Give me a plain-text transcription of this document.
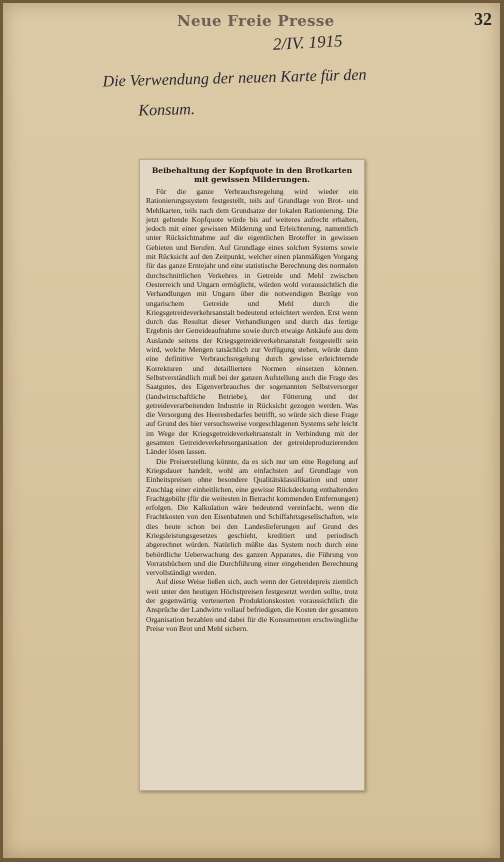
Neue Freie Presse	32
2/IV. 1915
Die Verwendung der neuen Karte für den
Konsum.

Beibehaltung der Kopfquote in den Brotkarten mit gewissen Milderungen.

Für die ganze Verbrauchsregelung wird wieder ein Rationierungssystem festgestellt, teils auf Grundlage von Brot- und Mehlkarten, teils nach dem Grundsatze der lokalen Rationierung. Die jetzt geltende Kopfquote würde bis auf weiteres aufrecht erhalten, jedoch mit einer gewissen Milderung und Erleichterung, namentlich unter Rücksichtnahme auf die eigentlichen Broteffer in gewissen Gebieten und Berufen. Auf Grundlage eines solchen Systems sowie mit Rücksicht auf den Zeitpunkt, welcher einen planmäßigen Vorgang für das ganze Erntejahr und eine statistische Berechnung des normalen durchschnittlichen Verkehres in Getreide und Mehl zwischen Oesterreich und Ungarn ermöglicht, würden wohl voraussichtlich die Verhandlungen mit Ungarn über die notwendigen Bezüge von ungarischem Getreide und Mehl durch die Kriegsgetreideverkehrsanstalt bedeutend erleichtert werden. Erst wenn durch das Resultat dieser Verhandlungen und durch das fertige Ergebnis der Getreideaufnahme sowie durch etwaige Ankäufe aus dem Auslande seitens der Kriegsgetreideverkehrsanstalt festgestellt sein wird, welche Mengen tatsächlich zur Verfügung stehen, würde dann eine definitive Verbrauchsregelung durch gewisse erleichternde Korrekturen und detailliertere Normen einsetzen können. Selbstverständlich muß bei der ganzen Aufstellung auch die Frage des Saatgutes, des Eigenverbrauches der sogenannten Selbstversorger (landwirtschaftliche Betriebe), der Fütterung und der getreideverarbeitenden Industrie in Rücksicht gezogen werden. Was die Versorgung des Heeresbedarfes betrifft, so würde sich diese Frage auf Grund des hier versuchsweise vorgeschlagenen Systems sehr leicht im Wege der Kriegsgetreideverkehrsanstalt in Verbindung mit der gesamten Getreideverkehrsorganisation der getreideproduzierenden Länder lösen lassen.

Die Preiserstellung könnte, da es sich nur um eine Regelung auf Kriegsdauer handelt, wohl am einfachsten auf Grundlage von Einheitspreisen ohne besondere Qualitätsklassifikation und unter Zuschlag einer einheitlichen, eine gewisse Rückdeckung enthaltenden Frachtgebühr (für die weitesten in Betracht kommenden Entfernungen) erfolgen. Die Kalkulation wäre bedeutend vereinfacht, wenn die Frachtkosten von den Eisenbahnen und Schiffahrtsgesellschaften, wie dies heute schon bei den Landeslieferungen auf Grund des Kriegsleistungsgesetzes geschieht, kreditiert und periodisch abgerechnet würden. Natürlich müßte das System noch durch eine behördliche Ueberwachung des ganzen Apparates, die Führung von Vorratsbüchern und die Durchführung einer eingehenden Berechnung vervollständigt werden.

Auf diese Weise ließen sich, auch wenn der Getreidepreis ziemlich weit unter den heutigen Höchstpreisen festgesetzt werden sollte, trotz der gegenwärtig verteuerten Produktionskosten voraussichtlich die Ansprüche der Landwirte vollauf befriedigen, die Kosten der gesamten Organisation bezahlen und dabei für die Konsumenten erschwingliche Preise von Brot und Mehl sichern.
